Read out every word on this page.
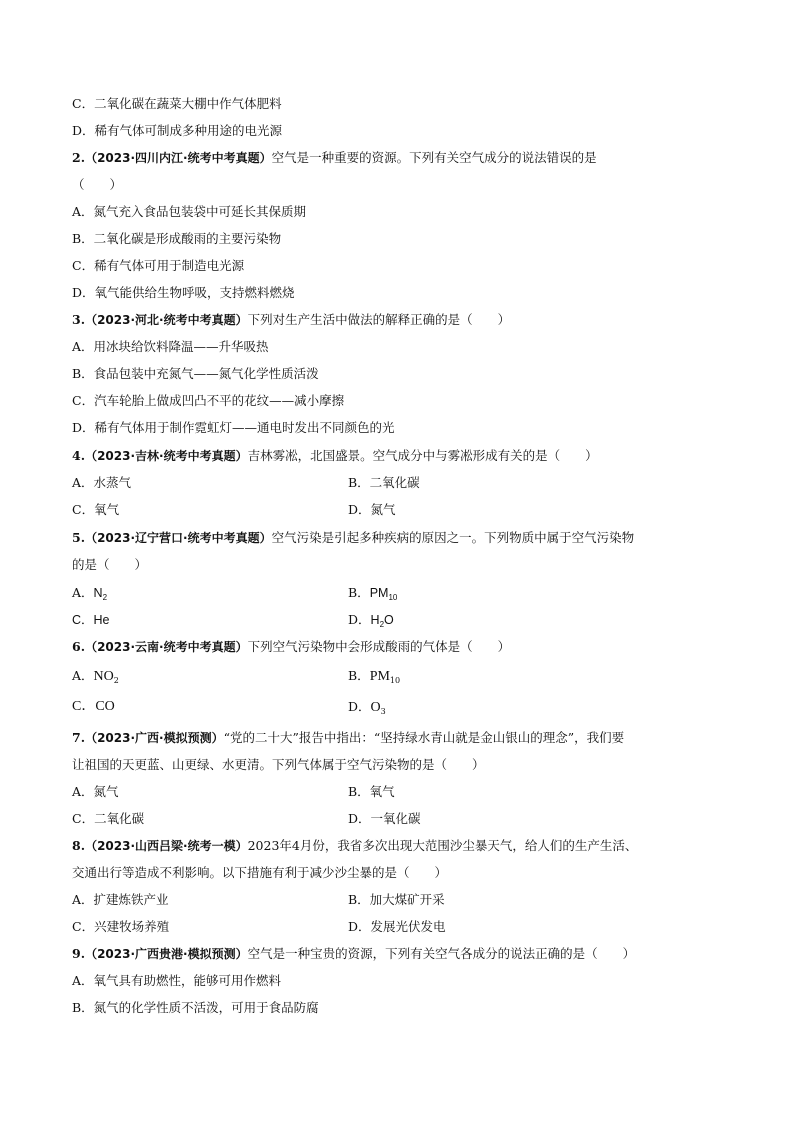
C．二氧化碳在蔬菜大棚中作气体肥料
D．稀有气体可制成多种用途的电光源
2.（2023·四川内江·统考中考真题）空气是一种重要的资源。下列有关空气成分的说法错误的是
（　　）
A．氮气充入食品包装袋中可延长其保质期
B．二氧化碳是形成酸雨的主要污染物
C．稀有气体可用于制造电光源
D．氧气能供给生物呼吸，支持燃料燃烧
3.（2023·河北·统考中考真题）下列对生产生活中做法的解释正确的是（　　）
A．用冰块给饮料降温——升华吸热
B．食品包装中充氮气——氮气化学性质活泼
C．汽车轮胎上做成凹凸不平的花纹——减小摩擦
D．稀有气体用于制作霓虹灯——通电时发出不同颜色的光
4.（2023·吉林·统考中考真题）吉林雾凇，北国盛景。空气成分中与雾凇形成有关的是（　　）
A．水蒸气	B．二氧化碳
C．氧气	D．氮气
5.（2023·辽宁营口·统考中考真题）空气污染是引起多种疾病的原因之一。下列物质中属于空气污染物
的是（　　）
A．$N_2$	B．$PM_{10}$
C．He	D．$H_2O$
6.（2023·云南·统考中考真题）下列空气污染物中会形成酸雨的气体是（　　）
A．$NO_2$	B．$PM_{10}$
C．CO	D．$O_3$
7.（2023·广西·模拟预测）“党的二十大”报告中指出：“坚持绿水青山就是金山银山的理念”，我们要
让祖国的天更蓝、山更绿、水更清。下列气体属于空气污染物的是（　　）
A．氮气	B．氧气
C．二氧化碳	D．一氧化碳
8.（2023·山西吕梁·统考一模）2023年4月份，我省多次出现大范围沙尘暴天气，给人们的生产生活、
交通出行等造成不利影响。以下措施有利于减少沙尘暴的是（　　）
A．扩建炼铁产业	B．加大煤矿开采
C．兴建牧场养殖	D．发展光伏发电
9.（2023·广西贵港·模拟预测）空气是一种宝贵的资源，下列有关空气各成分的说法正确的是（　　）
A．氧气具有助燃性，能够可用作燃料
B．氮气的化学性质不活泼，可用于食品防腐
